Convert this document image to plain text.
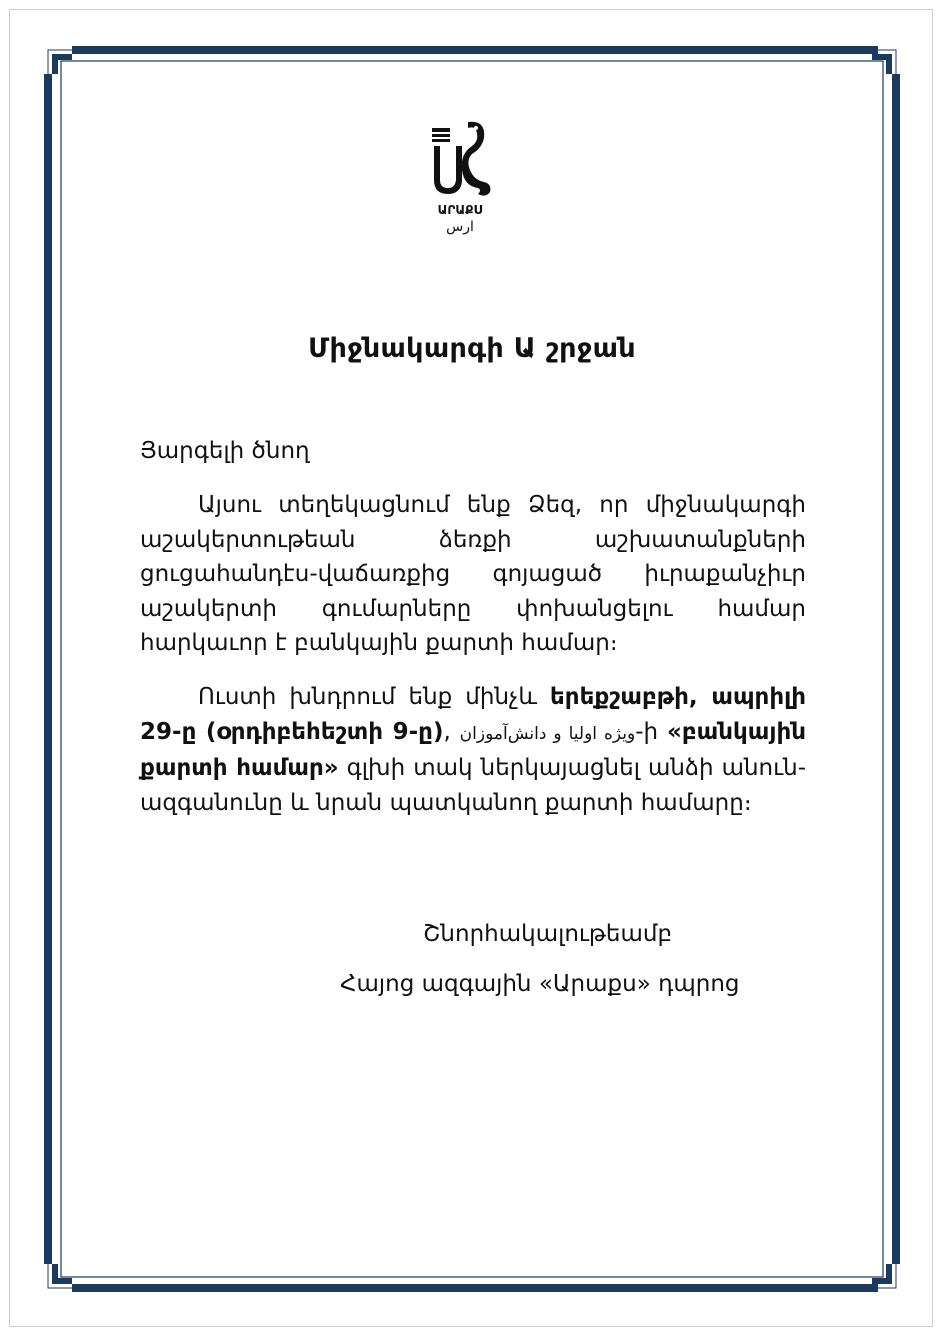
ԱՐԱՔՍ
ارس
Միջնակարգի Ա շրջան
Յարգելի ծնող

Այսու տեղեկացնում ենք Ձեզ, որ միջնակարգի աշակերտութեան ձեռքի աշխատանքների ցուցահանդէս-վաճառքից գոյացած իւրաքանչիւր աշակերտի գումարները փոխանցելու համար հարկաւոր է բանկային քարտի համար։

Ուստի խնդրում ենք մինչև երեքշաբթի, ապրիլի 29-ը (օրդիբեհեշտի 9-ը), ویژه اولیا و دانش‌آموزان-ի «բանկային քարտի համար» գլխի տակ ներկայացնել անձի անուն-ազգանունը և նրան պատկանող քարտի համարը։

Շնորհակալութեամբ
Հայոց ազգային «Արաքս» դպրոց
